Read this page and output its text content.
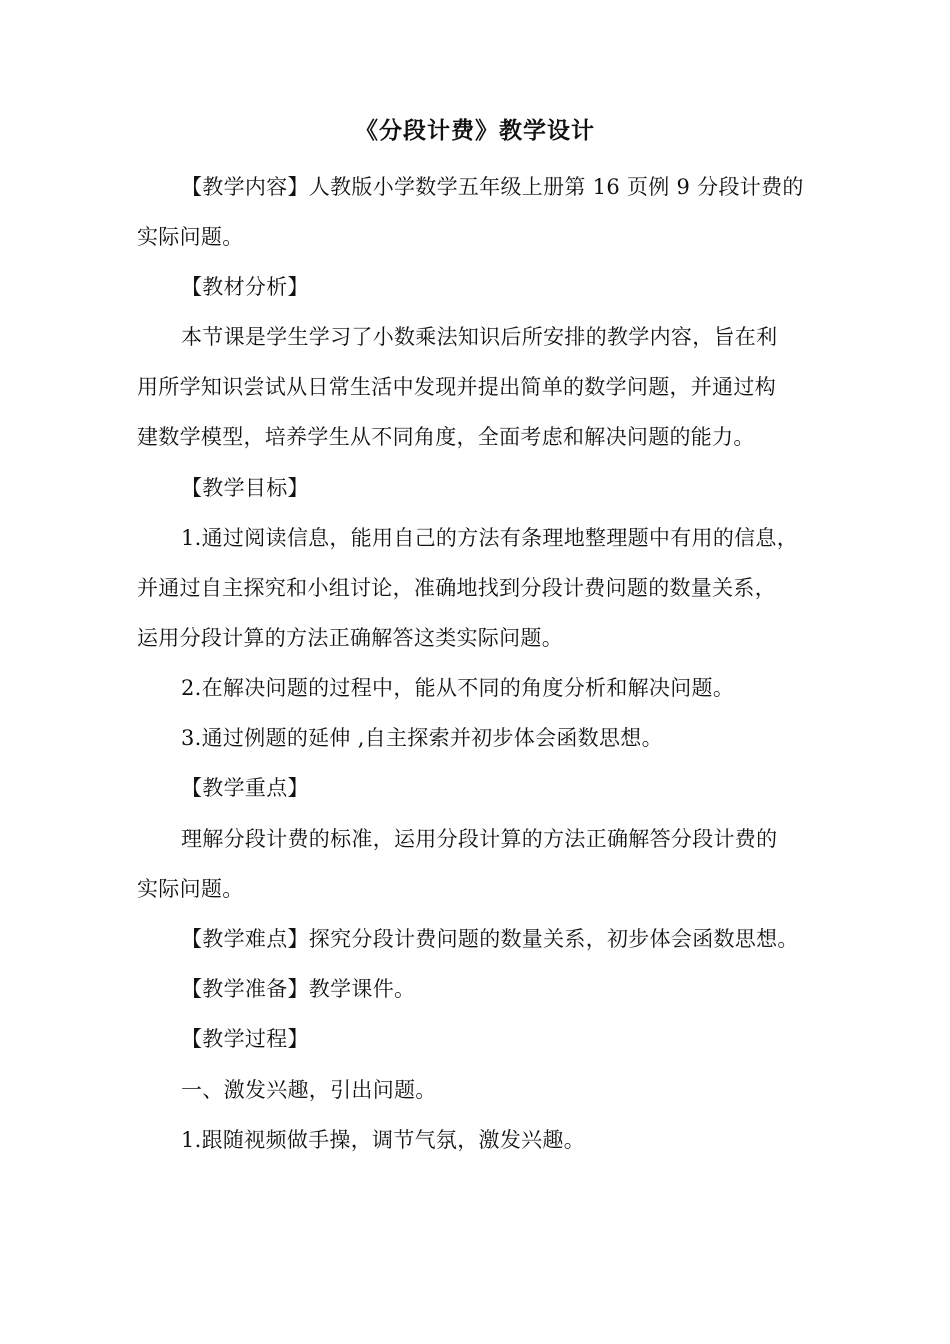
《分段计费》教学设计
【教学内容】人教版小学数学五年级上册第 16 页例 9 分段计费的
实际问题。
【教材分析】
本节课是学生学习了小数乘法知识后所安排的教学内容，旨在利
用所学知识尝试从日常生活中发现并提出简单的数学问题，并通过构
建数学模型，培养学生从不同角度，全面考虑和解决问题的能力。
【教学目标】
1.通过阅读信息，能用自己的方法有条理地整理题中有用的信息，
并通过自主探究和小组讨论，准确地找到分段计费问题的数量关系，
运用分段计算的方法正确解答这类实际问题。
2.在解决问题的过程中，能从不同的角度分析和解决问题。
3.通过例题的延伸 ,自主探索并初步体会函数思想。
【教学重点】
理解分段计费的标准，运用分段计算的方法正确解答分段计费的
实际问题。
【教学难点】探究分段计费问题的数量关系，初步体会函数思想。
【教学准备】教学课件。
【教学过程】
一、激发兴趣，引出问题。
1.跟随视频做手操，调节气氛，激发兴趣。
